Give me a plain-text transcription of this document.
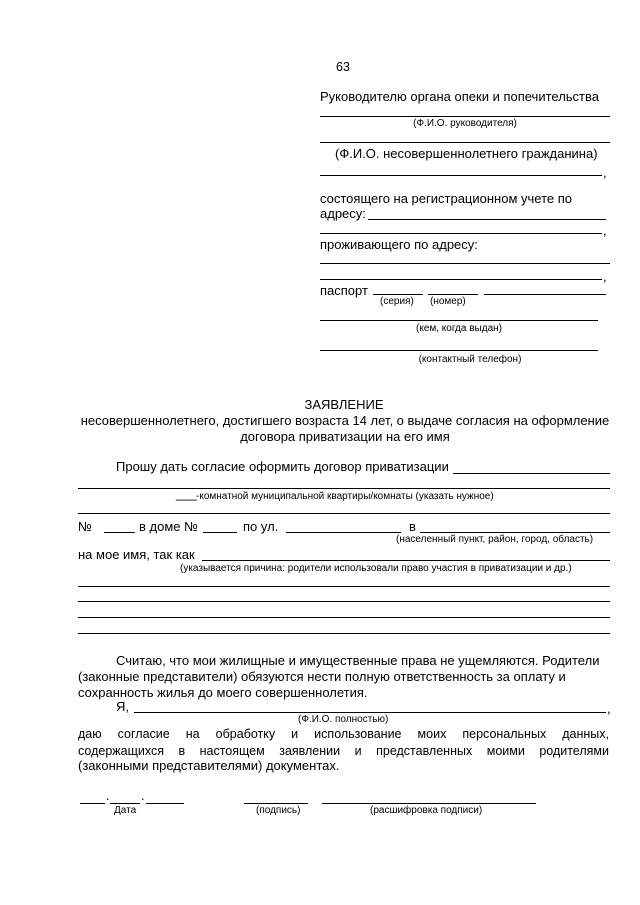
63
Руководителю органа опеки и попечительства
(Ф.И.О. руководителя)
(Ф.И.О. несовершеннолетнего гражданина)
,
состоящего на регистрационном учете по
адресу:
,
проживающего по адресу:
,
паспорт
(серия) (номер)
(кем, когда выдан)
(контактный телефон)
ЗАЯВЛЕНИЕ
несовершеннолетнего, достигшего возраста 14 лет, о выдаче согласия на оформление
договора приватизации на его имя
Прошу дать согласие оформить договор приватизации
___ -комнатной муниципальной квартиры/комнаты (указать нужное)
№	в доме №	по ул.	в
(населенный пункт, район, город, область)
на мое имя, так как
(указывается причина: родители использовали право участия в приватизации и др.)
Считаю, что мои жилищные и имущественные права не ущемляются. Родители
(законные представители) обязуются нести полную ответственность за оплату и
сохранность жилья до моего совершеннолетия.
Я,	,
(Ф.И.О. полностью)
даю согласие на обработку и использование моих персональных данных,
содержащихся в настоящем заявлении и представленных моими родителями
(законными представителями) документах.
.	.
Дата	(подпись)	(расшифровка подписи)
